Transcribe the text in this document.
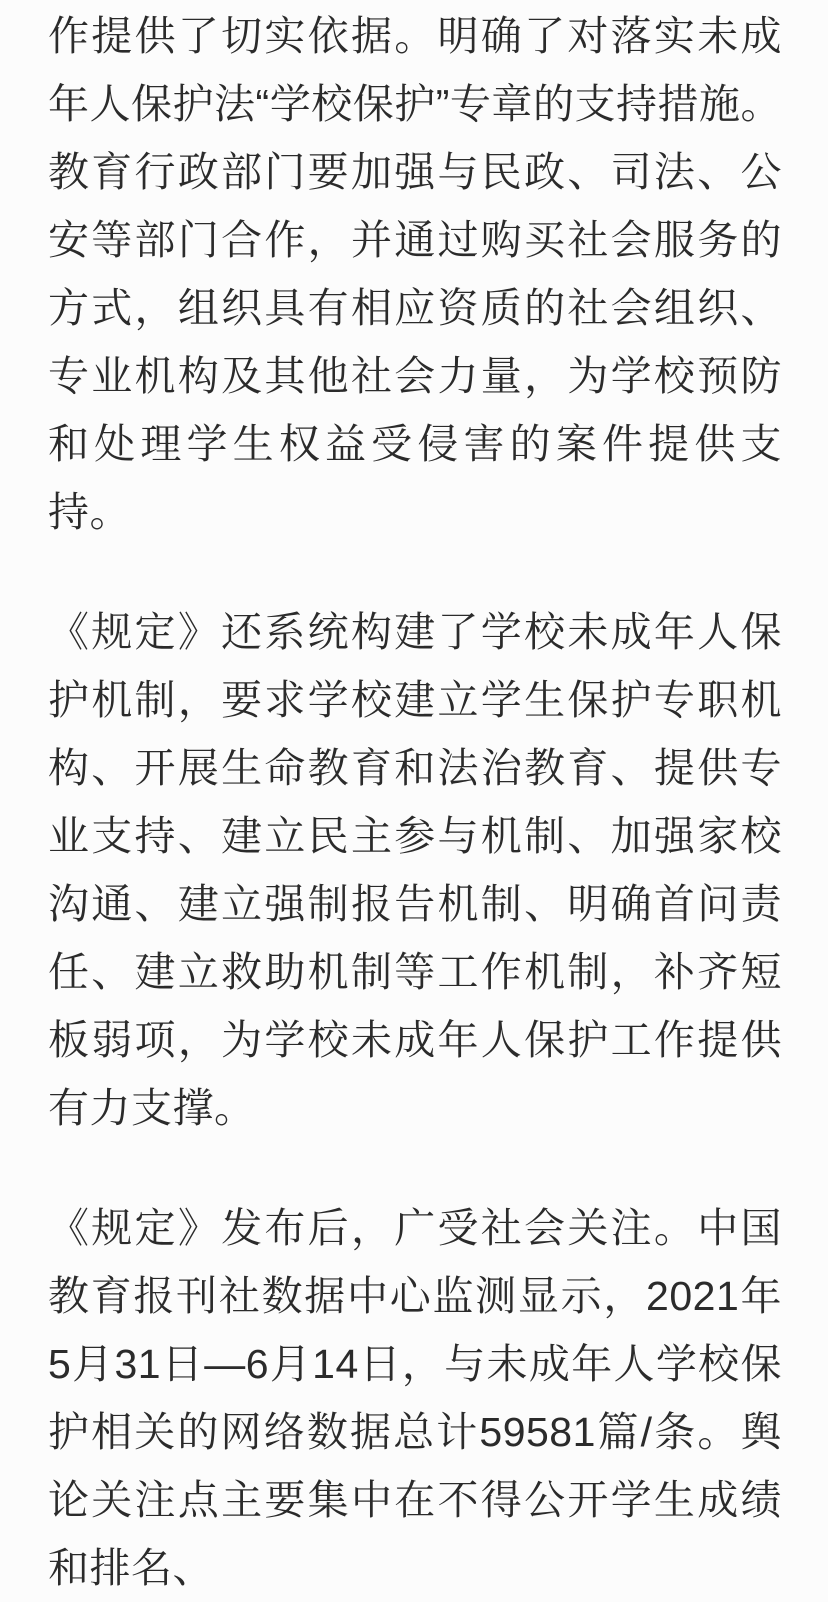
作提供了切实依据。明确了对落实未成年人保护法“学校保护”专章的支持措施。教育行政部门要加强与民政、司法、公安等部门合作，并通过购买社会服务的方式，组织具有相应资质的社会组织、专业机构及其他社会力量，为学校预防和处理学生权益受侵害的案件提供支持。

《规定》还系统构建了学校未成年人保护机制，要求学校建立学生保护专职机构、开展生命教育和法治教育、提供专业支持、建立民主参与机制、加强家校沟通、建立强制报告机制、明确首问责任、建立救助机制等工作机制，补齐短板弱项，为学校未成年人保护工作提供有力支撑。

《规定》发布后，广受社会关注。中国教育报刊社数据中心监测显示，2021年5月31日—6月14日，与未成年人学校保护相关的网络数据总计59581篇/条。舆论关注点主要集中在不得公开学生成绩和排名、
